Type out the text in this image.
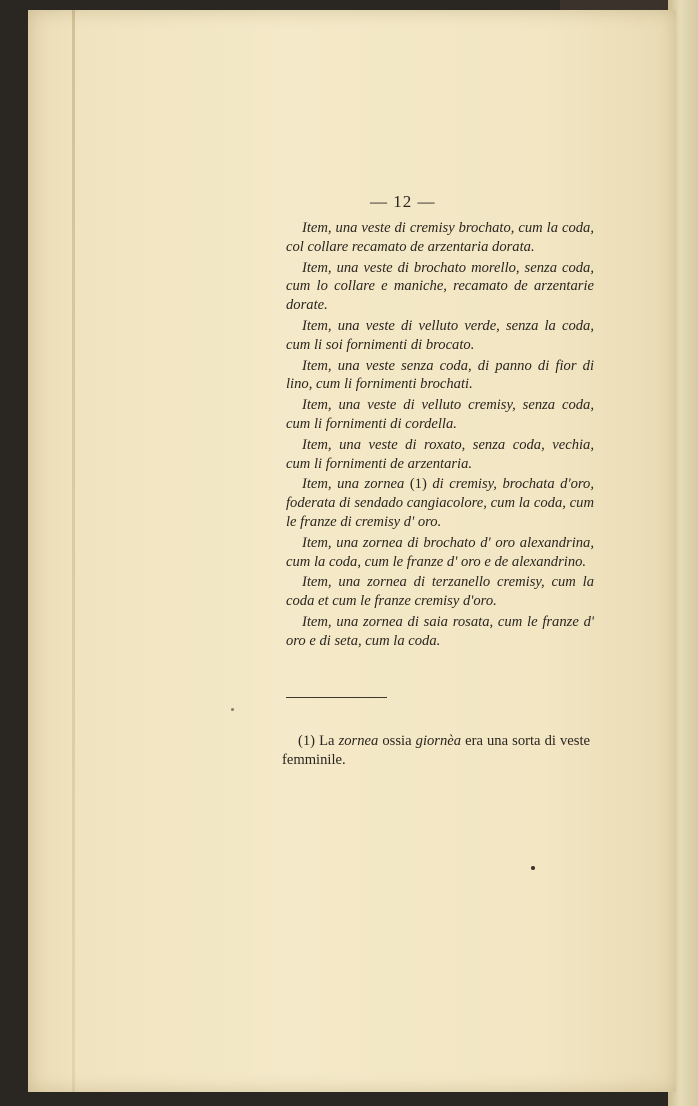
— 12 —

Item, una veste di cremisy brochato, cum la coda, col collare recamato de arzentaria dorata.

Item, una veste di brochato morello, senza coda, cum lo collare e maniche, recamato de arzentarie dorate.

Item, una veste di velluto verde, senza la coda, cum li soi fornimenti di brocato.

Item, una veste senza coda, di panno di fior di lino, cum li fornimenti brochati.

Item, una veste di velluto cremisy, senza coda, cum li fornimenti di cordella.

Item, una veste di roxato, senza coda, vechia, cum li fornimenti de arzentaria.

Item, una zornea (1) di cremisy, brochata d'oro, foderata di sendado cangiacolore, cum la coda, cum le franze di cremisy d' oro.

Item, una zornea di brochato d' oro alexandrina, cum la coda, cum le franze d' oro e de alexandrino.

Item, una zornea di terzanello cremisy, cum la coda et cum le franze cremisy d'oro.

Item, una zornea di saia rosata, cum le franze d' oro e di seta, cum la coda.

(1) La zornea ossia giornèa era una sorta di veste femminile.
